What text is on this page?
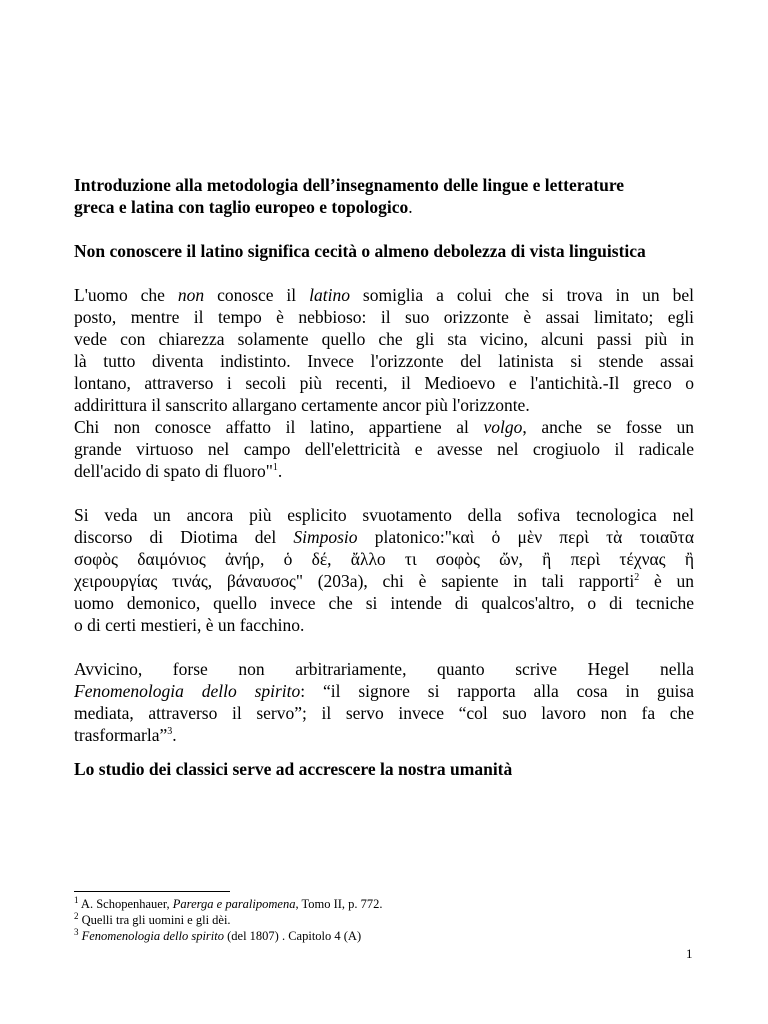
Introduzione alla metodologia dell’insegnamento delle lingue e letterature
greca e latina con taglio europeo e topologico.
Non conoscere il latino significa cecità o almeno debolezza di vista linguistica

L'uomo che non conosce il latino somiglia a colui che si trova in un bel
posto, mentre il tempo è nebbioso: il suo orizzonte è assai limitato; egli
vede con chiarezza solamente quello che gli sta vicino, alcuni passi più in
là tutto diventa indistinto. Invece l'orizzonte del latinista si stende assai
lontano, attraverso i secoli più recenti, il Medioevo e l'antichità.-Il greco o
addirittura il sanscrito allargano certamente ancor più l'orizzonte.

Chi non conosce affatto il latino, appartiene al volgo, anche se fosse un
grande virtuoso nel campo dell'elettricità e avesse nel crogiuolo il radicale
dell'acido di spato di fluoro"$^1$.

Si veda un ancora più esplicito svuotamento della sofiva tecnologica nel
discorso di Diotima del Simposio platonico:"καὶ ὁ μὲν περὶ τὰ τοιαῦτα
σοφὸς δαιμόνιος ἀνήρ, ὁ δέ, ἄλλο τι σοφὸς ὤν, ἢ περὶ τέχνας ἢ
χειρουργίας τινάς, βάναυσος" (203a), chi è sapiente in tali rapporti$^2$ è un
uomo demonico, quello invece che si intende di qualcos'altro, o di tecniche
o di certi mestieri, è un facchino.

Avvicino, forse non arbitrariamente, quanto scrive Hegel nella
Fenomenologia dello spirito: “il signore si rapporta alla cosa in guisa
mediata, attraverso il servo”; il servo invece “col suo lavoro non fa che
trasformarla”$^3$.

Lo studio dei classici serve ad accrescere la nostra umanità
$^1$ A. Schopenhauer, Parerga e paralipomena, Tomo II, p. 772.
$^2$ Quelli tra gli uomini e gli dèi.
$^3$ Fenomenologia dello spirito (del 1807) . Capitolo 4 (A)
1
